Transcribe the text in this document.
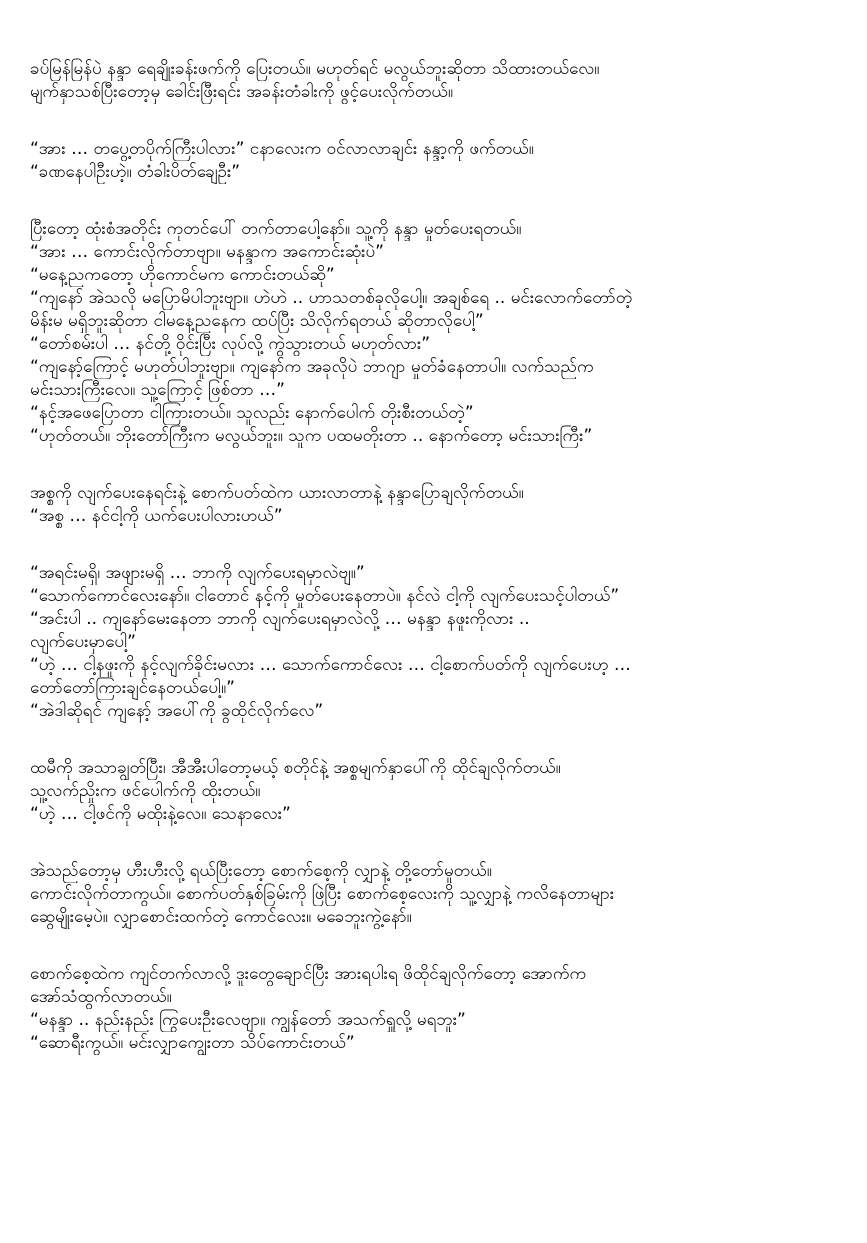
ခပ်မြန်မြန်ပဲ နန္ဒာ ရေချိုးခန်းဖက်ကို ပြေးတယ်။ မဟုတ်ရင် မလွယ်ဘူးဆိုတာ သိထားတယ်လေ။
မျက်နှာသစ်ပြီးတော့မှ ခေါင်းဖြီးရင်း အခန်းတံခါးကို ဖွင့်ပေးလိုက်တယ်။
“အား … တပွေ့တပိုက်ကြီးပါလား” ငနာလေးက ဝင်လာလာချင်း နန္ဒာ့ကို ဖက်တယ်။
“ခဏနေပါဦးဟဲ့။ တံခါးပိတ်ချေဦး”
ပြီးတော့ ထုံးစံအတိုင်း ကုတင်ပေါ် တက်တာပေါ့နော်။ သူ့ကို နန္ဒာ မှုတ်ပေးရတယ်။
“အား … ကောင်းလိုက်တာဗျာ။ မနန္ဒာက အကောင်းဆုံးပဲ”
“မနေ့ညကတော့ ဟိုကောင်မက ကောင်းတယ်ဆို”
“ကျနော် အဲသလို မပြောမိပါဘူးဗျာ။ ဟဲဟဲ .. ဟာသတစ်ခုလိုပေါ့။ အချစ်ရေ .. မင်းလောက်တော်တဲ့
မိန်းမ မရှိဘူးဆိုတာ ငါမနေ့ညနေက ထပ်ပြီး သိလိုက်ရတယ် ဆိုတာလိုပေါ့”
“တော်စမ်းပါ … နင်တို့ ဝိုင်းပြီး လုပ်လို့ ကွဲသွားတယ် မဟုတ်လား”
“ကျနော့်ကြောင့် မဟုတ်ပါဘူးဗျာ။ ကျနော်က အခုလိုပဲ ဘာဂျာ မှုတ်ခံနေတာပါ။ လက်သည်က
မင်းသားကြီးလေ။ သူ့ကြောင့် ဖြစ်တာ …”
“နင့်အဖေပြောတာ ငါကြားတယ်။ သူလည်း နောက်ပေါက် တိုးစီးတယ်တဲ့”
“ဟုတ်တယ်။ ဘိုးတော်ကြီးက မလွယ်ဘူး။ သူက ပထမတိုးတာ .. နောက်တော့ မင်းသားကြီး”
အစ္စကို လျက်ပေးနေရင်းနဲ့ စောက်ပတ်ထဲက ယားလာတာနဲ့ နန္ဒာပြောချလိုက်တယ်။
“အစ္စ … နင်ငါ့ကို ယက်ပေးပါလားဟယ်”
“အရင်းမရှိ၊ အဖျားမရှိ … ဘာကို လျက်ပေးရမှာလဲဗျ။”
“သောက်ကောင်လေးနော်။ ငါတောင် နင့်ကို မှုတ်ပေးနေတာပဲ။ နင်လဲ ငါ့ကို လျက်ပေးသင့်ပါတယ်”
“အင်းပါ .. ကျနော်မေးနေတာ ဘာကို လျက်ပေးရမှာလဲလို့ … မနန္ဒာ နဖူးကိုလား ..
လျက်ပေးမှာပေါ့”
“ဟဲ့ … ငါ့နဖူးကို နင့်လျက်ခိုင်းမလား … သောက်ကောင်လေး … ငါ့စောက်ပတ်ကို လျက်ပေးဟ့ …
တော်တော်ကြားချင်နေတယ်ပေါ့။”
“အဲဒါဆိုရင် ကျနော့် အပေါ်ကို ခွထိုင်လိုက်လေ”
ထမီကို အသာချွတ်ပြီး၊ အီအီးပါတော့မယ့် စတိုင်နဲ့ အစ္စမျက်နှာပေါ်ကို ထိုင်ချလိုက်တယ်။
သူ့လက်ညှိုးက ဖင်ပေါက်ကို ထိုးတယ်။
“ဟဲ့ … ငါ့ဖင်ကို မထိုးနဲ့လေ။ သေနာလေး”
အဲသည်တော့မှ ဟီးဟီးလို့ ရယ်ပြီးတော့ စောက်စေ့ကို လျှာနဲ့ တို့တော်မူတယ်။
ကောင်းလိုက်တာကွယ်။ စောက်ပတ်နှစ်ခြမ်းကို ဖြဲပြီး စောက်စေ့လေးကို သူ့လျှာနဲ့ ကလိနေတာများ
ဆွေမျိုးမေ့ပဲ။ လျှာစောင်းထက်တဲ့ ကောင်လေး။ မခေဘူးကွဲ့နော်။
စောက်စေ့ထဲက ကျင်တက်လာလို့ ဒူးတွေချောင်ပြီး အားရပါးရ ဖိထိုင်ချလိုက်တော့ အောက်က
အော်သံထွက်လာတယ်။
“မနန္ဒာ .. နည်းနည်း ကြွပေးဦးလေဗျာ။ ကျွန်တော် အသက်ရှူလို့ မရဘူး”
“ဆောရီးကွယ်။ မင်းလျှာကျွေးတာ သိပ်ကောင်းတယ်”
